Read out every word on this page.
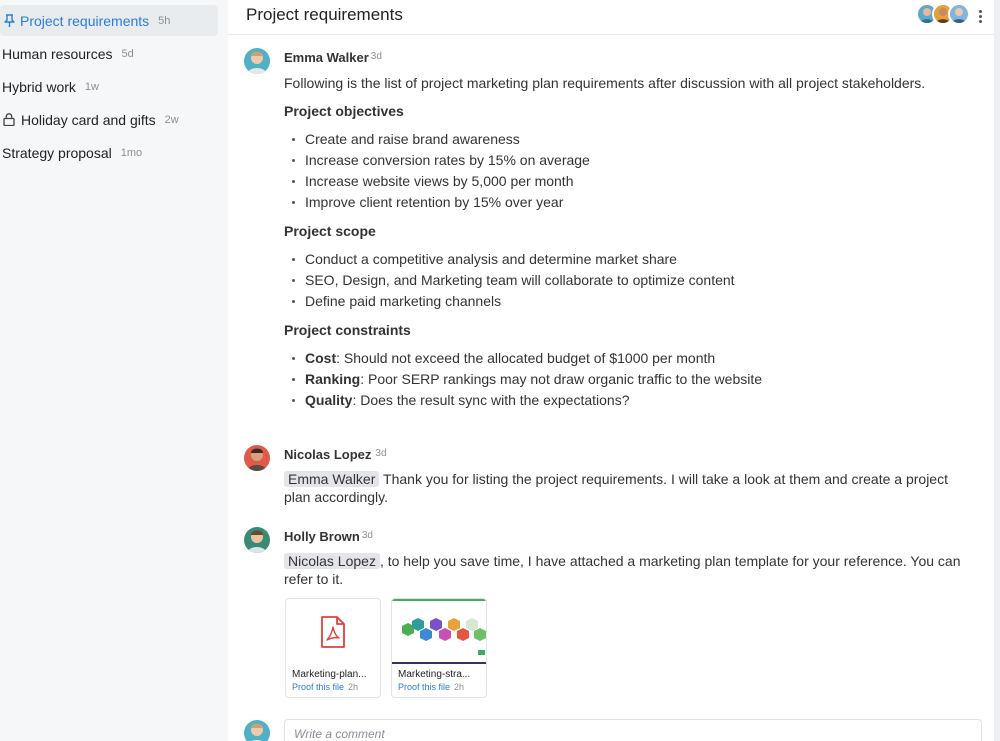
Project requirements 5h
Human resources 5d
Hybrid work 1w
Holiday card and gifts 2w
Strategy proposal 1mo
Project requirements
Emma Walker $^{3d}$
Following is the list of project marketing plan requirements after discussion with all project stakeholders.
Project objectives
Create and raise brand awareness
Increase conversion rates by 15% on average
Increase website views by 5,000 per month
Improve client retention by 15% over year
Project scope
Conduct a competitive analysis and determine market share
SEO, Design, and Marketing team will collaborate to optimize content
Define paid marketing channels
Project constraints
Cost: Should not exceed the allocated budget of $1000 per month
Ranking: Poor SERP rankings may not draw organic traffic to the website
Quality: Does the result sync with the expectations?
Nicolas Lopez $^{3d}$
Emma Walker Thank you for listing the project requirements. I will take a look at them and create a project plan accordingly.
Holly Brown $^{3d}$
Nicolas Lopez , to help you save time, I have attached a marketing plan template for your reference. You can refer to it.
Marketing-plan...
Proof this file 2h
Marketing-stra...
Proof this file 2h
Write a comment
